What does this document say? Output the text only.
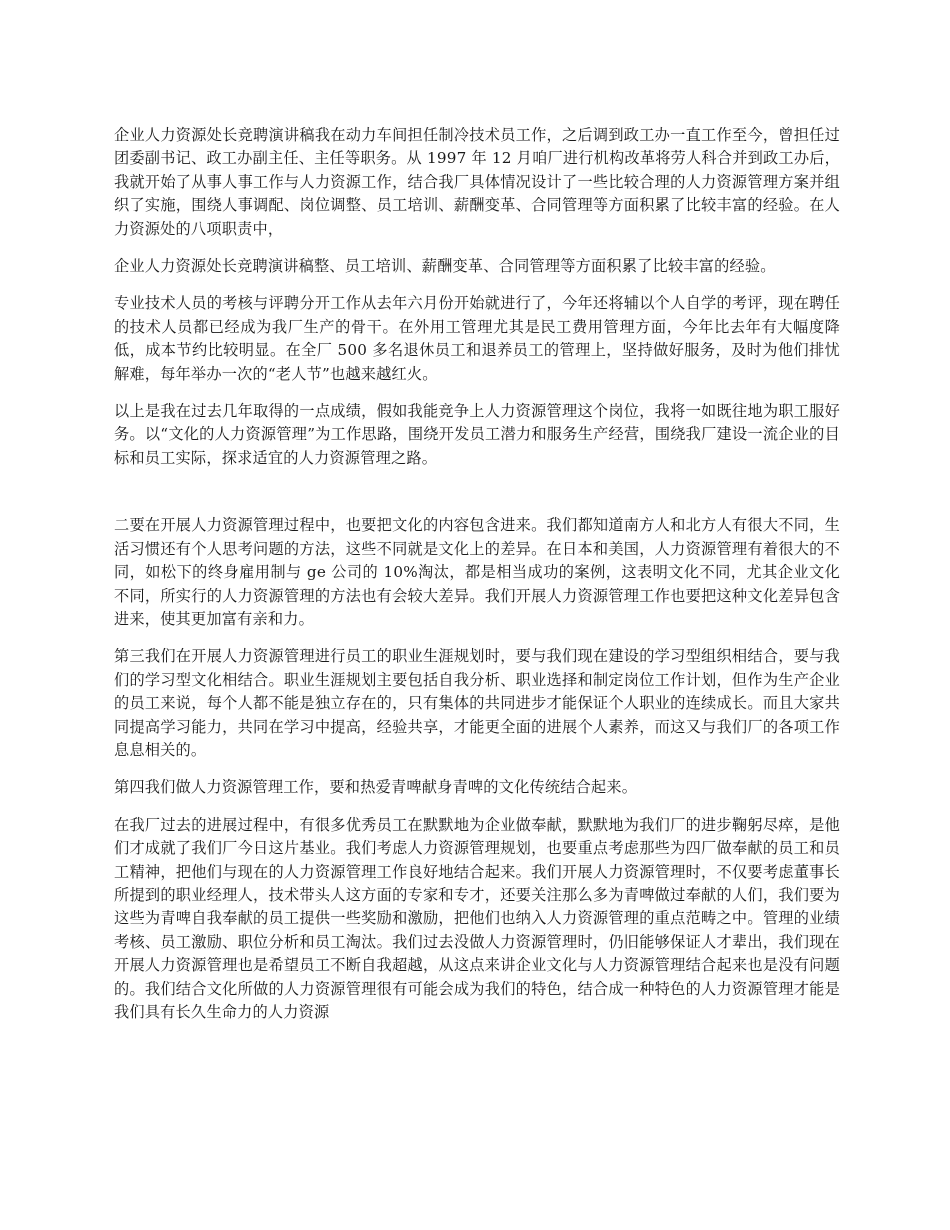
企业人力资源处长竞聘演讲稿我在动力车间担任制冷技术员工作，之后调到政工办一直工作至今，曾担任过团委副书记、政工办副主任、主任等职务。从 1997 年 12 月咱厂进行机构改革将劳人科合并到政工办后，我就开始了从事人事工作与人力资源工作，结合我厂具体情况设计了一些比较合理的人力资源管理方案并组织了实施，围绕人事调配、岗位调整、员工培训、薪酬变革、合同管理等方面积累了比较丰富的经验。在人力资源处的八项职责中，

企业人力资源处长竞聘演讲稿整、员工培训、薪酬变革、合同管理等方面积累了比较丰富的经验。

专业技术人员的考核与评聘分开工作从去年六月份开始就进行了，今年还将辅以个人自学的考评，现在聘任的技术人员都已经成为我厂生产的骨干。在外用工管理尤其是民工费用管理方面，今年比去年有大幅度降低，成本节约比较明显。在全厂 500 多名退休员工和退养员工的管理上，坚持做好服务，及时为他们排忧解难，每年举办一次的“老人节”也越来越红火。

以上是我在过去几年取得的一点成绩，假如我能竞争上人力资源管理这个岗位，我将一如既往地为职工服好务。以“文化的人力资源管理”为工作思路，围绕开发员工潜力和服务生产经营，围绕我厂建设一流企业的目标和员工实际，探求适宜的人力资源管理之路。

二要在开展人力资源管理过程中，也要把文化的内容包含进来。我们都知道南方人和北方人有很大不同，生活习惯还有个人思考问题的方法，这些不同就是文化上的差异。在日本和美国，人力资源管理有着很大的不同，如松下的终身雇用制与 ge 公司的 10%淘汰，都是相当成功的案例，这表明文化不同，尤其企业文化不同，所实行的人力资源管理的方法也有会较大差异。我们开展人力资源管理工作也要把这种文化差异包含进来，使其更加富有亲和力。

第三我们在开展人力资源管理进行员工的职业生涯规划时，要与我们现在建设的学习型组织相结合，要与我们的学习型文化相结合。职业生涯规划主要包括自我分析、职业选择和制定岗位工作计划，但作为生产企业的员工来说，每个人都不能是独立存在的，只有集体的共同进步才能保证个人职业的连续成长。而且大家共同提高学习能力，共同在学习中提高，经验共享，才能更全面的进展个人素养，而这又与我们厂的各项工作息息相关的。

第四我们做人力资源管理工作，要和热爱青啤献身青啤的文化传统结合起来。

在我厂过去的进展过程中，有很多优秀员工在默默地为企业做奉献，默默地为我们厂的进步鞠躬尽瘁，是他们才成就了我们厂今日这片基业。我们考虑人力资源管理规划，也要重点考虑那些为四厂做奉献的员工和员工精神，把他们与现在的人力资源管理工作良好地结合起来。我们开展人力资源管理时，不仅要考虑董事长所提到的职业经理人，技术带头人这方面的专家和专才，还要关注那么多为青啤做过奉献的人们，我们要为这些为青啤自我奉献的员工提供一些奖励和激励，把他们也纳入人力资源管理的重点范畴之中。管理的业绩考核、员工激励、职位分析和员工淘汰。我们过去没做人力资源管理时，仍旧能够保证人才辈出，我们现在开展人力资源管理也是希望员工不断自我超越，从这点来讲企业文化与人力资源管理结合起来也是没有问题的。我们结合文化所做的人力资源管理很有可能会成为我们的特色，结合成一种特色的人力资源管理才能是我们具有长久生命力的人力资源
